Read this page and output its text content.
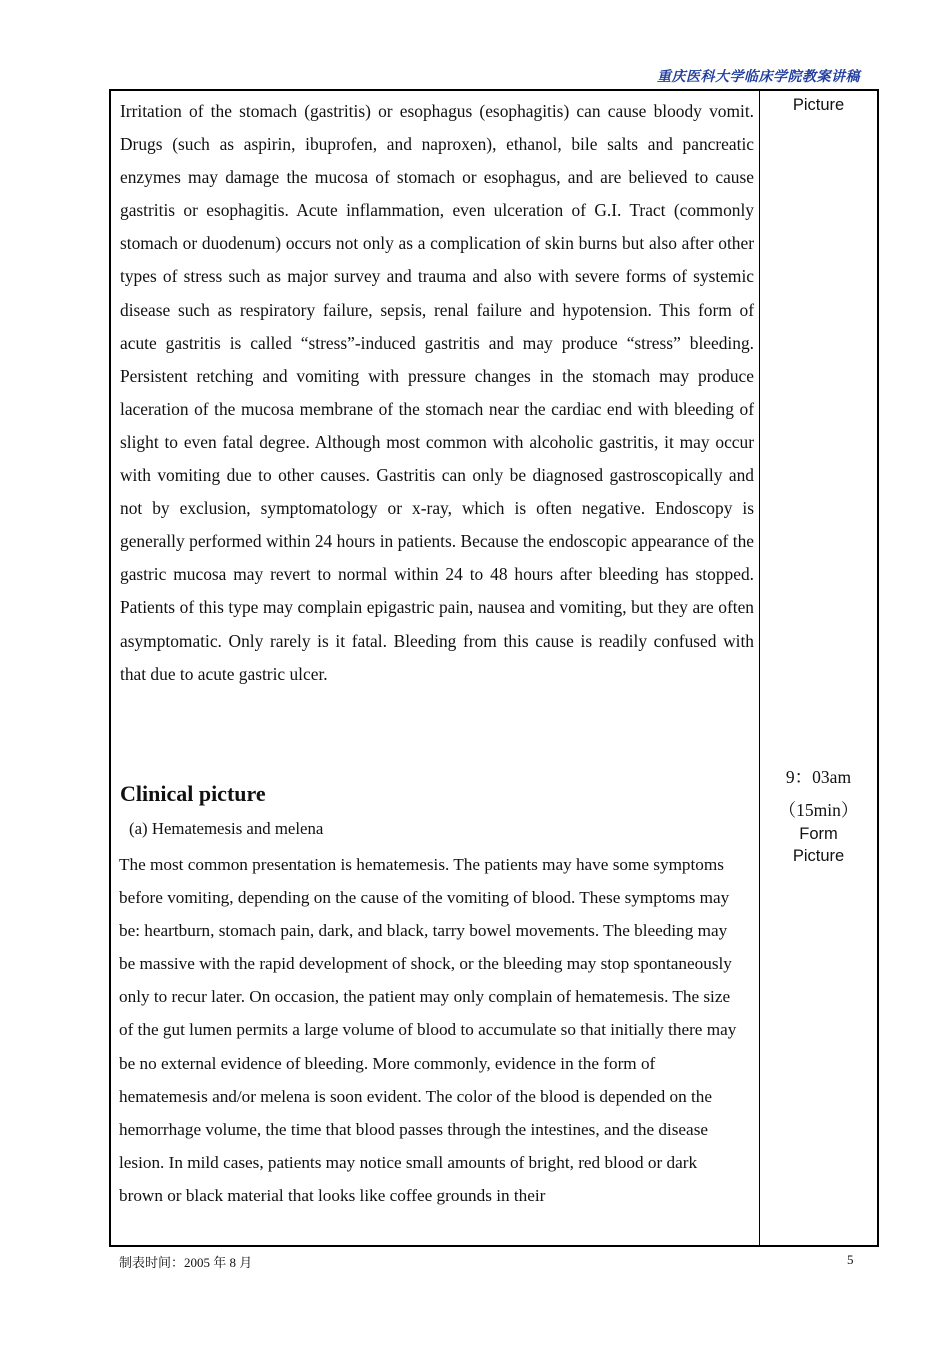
重庆医科大学临床学院教案讲稿

Irritation of the stomach (gastritis) or esophagus (esophagitis) can cause bloody vomit. Drugs (such as aspirin, ibuprofen, and naproxen), ethanol, bile salts and pancreatic enzymes may damage the mucosa of stomach or esophagus, and are believed to cause gastritis or esophagitis. Acute inflammation, even ulceration of G.I. Tract (commonly stomach or duodenum) occurs not only as a complication of skin burns but also after other types of stress such as major survey and trauma and also with severe forms of systemic disease such as respiratory failure, sepsis, renal failure and hypotension. This form of acute gastritis is called “stress”-induced gastritis and may produce “stress” bleeding. Persistent retching and vomiting with pressure changes in the stomach may produce laceration of the mucosa membrane of the stomach near the cardiac end with bleeding of slight to even fatal degree. Although most common with alcoholic gastritis, it may occur with vomiting due to other causes. Gastritis can only be diagnosed gastroscopically and not by exclusion, symptomatology or x-ray, which is often negative. Endoscopy is generally performed within 24 hours in patients. Because the endoscopic appearance of the gastric mucosa may revert to normal within 24 to 48 hours after bleeding has stopped. Patients of this type may complain epigastric pain, nausea and vomiting, but they are often asymptomatic. Only rarely is it fatal. Bleeding from this cause is readily confused with that due to acute gastric ulcer.

Clinical picture

(a) Hematemesis and melena

The most common presentation is hematemesis. The patients may have some symptoms before vomiting, depending on the cause of the vomiting of blood. These symptoms may be: heartburn, stomach pain, dark, and black, tarry bowel movements. The bleeding may be massive with the rapid development of shock, or the bleeding may stop spontaneously only to recur later. On occasion, the patient may only complain of hematemesis. The size of the gut lumen permits a large volume of blood to accumulate so that initially there may be no external evidence of bleeding. More commonly, evidence in the form of hematemesis and/or melena is soon evident. The color of the blood is depended on the hemorrhage volume, the time that blood passes through the intestines, and the disease lesion. In mild cases, patients may notice small amounts of bright, red blood or dark brown or black material that looks like coffee grounds in their

Picture
9：03am
（15min）
Form
Picture
制表时间：2005 年 8 月	5
